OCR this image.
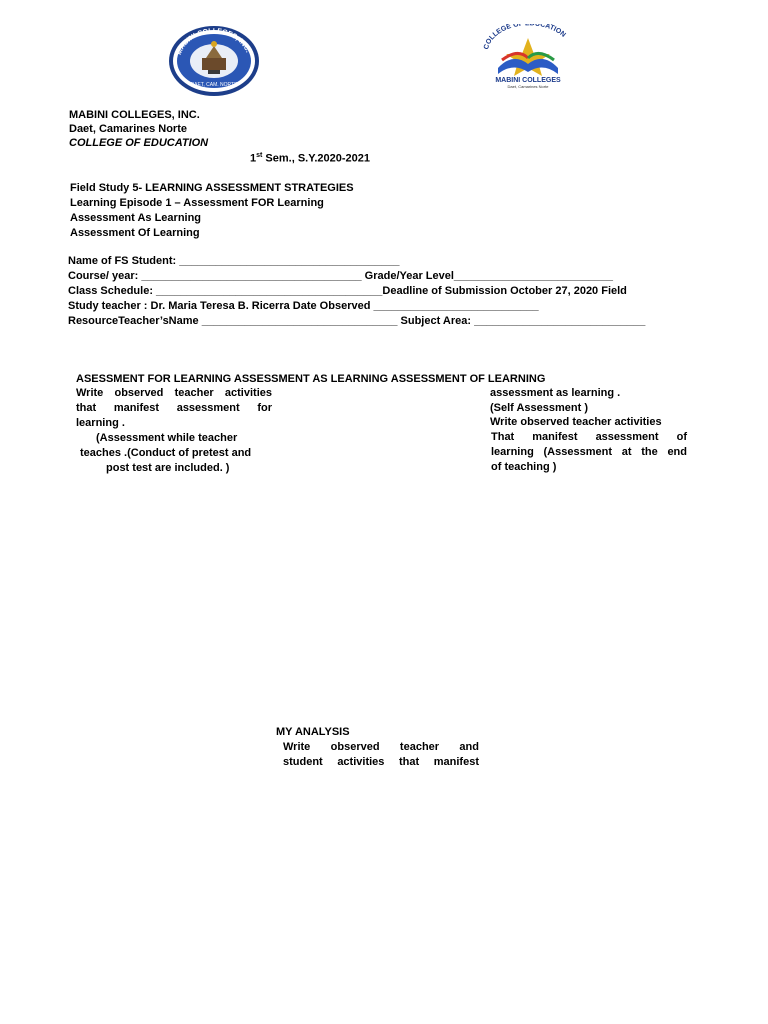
MABINI COLLEGES, INC.
DAET, CAM. NORTE
COLLEGE OF UCATION
MABINI COLLEGES
Daet, Camarines Norte
MABINI COLLEGES, INC.
Daet, Camarines Norte
COLLEGE OF EDUCATION
1st Sem., S.Y.2020-2021
Field Study 5- LEARNING ASSESSMENT STRATEGIES
Learning Episode 1 – Assessment FOR Learning
Assessment As Learning
Assessment Of Learning
Name of FS Student: ____________________________________
Course/ year: ____________________________________ Grade/Year Level__________________________
Class Schedule: _____________________________________Deadline of Submission October 27, 2020 Field
Study teacher : Dr. Maria Teresa B. Ricerra Date Observed ___________________________
ResourceTeacher’sName ________________________________ Subject Area: ____________________________
ASESSMENT FOR LEARNING ASSESSMENT AS LEARNING ASSESSMENT OF LEARNING
Write observed teacher activities
that manifest assessment for
learning .
(Assessment while teacher
teaches .(Conduct of pretest and
post test are included. )
assessment as learning .
(Self Assessment )
Write observed teacher activities
That manifest assessment of
learning (Assessment at the end
of teaching )
MY ANALYSIS
Write observed teacher and
student activities that manifest
